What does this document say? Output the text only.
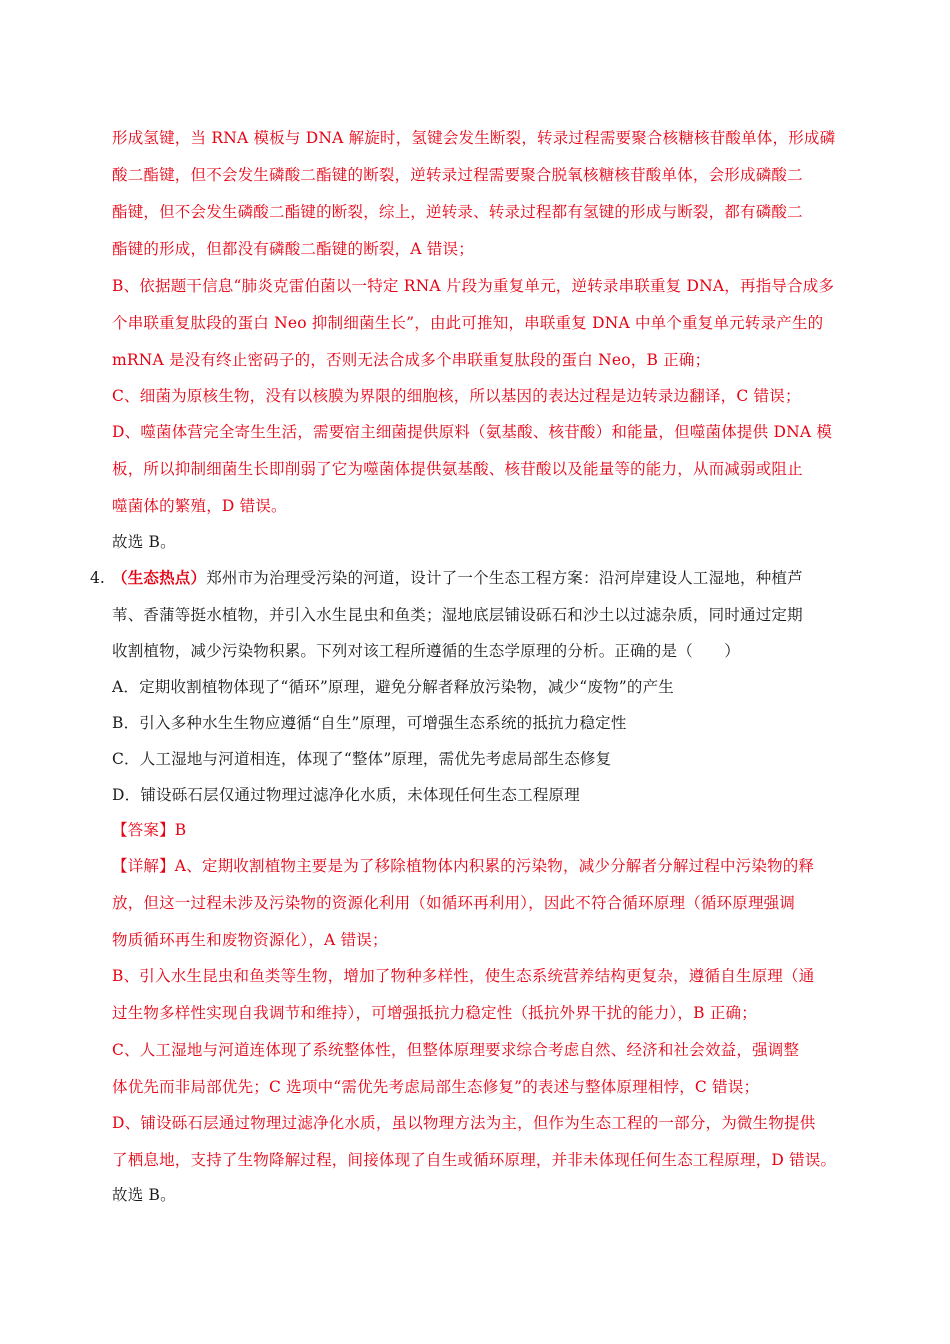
形成氢键，当 RNA 模板与 DNA 解旋时，氢键会发生断裂，转录过程需要聚合核糖核苷酸单体，形成磷
酸二酯键，但不会发生磷酸二酯键的断裂，逆转录过程需要聚合脱氧核糖核苷酸单体，会形成磷酸二
酯键，但不会发生磷酸二酯键的断裂，综上，逆转录、转录过程都有氢键的形成与断裂，都有磷酸二
酯键的形成，但都没有磷酸二酯键的断裂，A 错误；
B、依据题干信息“肺炎克雷伯菌以一特定 RNA 片段为重复单元，逆转录串联重复 DNA，再指导合成多
个串联重复肽段的蛋白 Neo 抑制细菌生长”，由此可推知，串联重复 DNA 中单个重复单元转录产生的
mRNA 是没有终止密码子的，否则无法合成多个串联重复肽段的蛋白 Neo，B 正确；
C、细菌为原核生物，没有以核膜为界限的细胞核，所以基因的表达过程是边转录边翻译，C 错误；
D、噬菌体营完全寄生生活，需要宿主细菌提供原料（氨基酸、核苷酸）和能量，但噬菌体提供 DNA 模
板，所以抑制细菌生长即削弱了它为噬菌体提供氨基酸、核苷酸以及能量等的能力，从而减弱或阻止
噬菌体的繁殖，D 错误。
故选 B。
4. （生态热点）郑州市为治理受污染的河道，设计了一个生态工程方案：沿河岸建设人工湿地，种植芦
苇、香蒲等挺水植物，并引入水生昆虫和鱼类；湿地底层铺设砾石和沙土以过滤杂质，同时通过定期
收割植物，减少污染物积累。下列对该工程所遵循的生态学原理的分析。正确的是（　　）
A．定期收割植物体现了“循环”原理，避免分解者释放污染物，减少“废物”的产生
B．引入多种水生生物应遵循“自生”原理，可增强生态系统的抵抗力稳定性
C．人工湿地与河道相连，体现了“整体”原理，需优先考虑局部生态修复
D．铺设砾石层仅通过物理过滤净化水质，未体现任何生态工程原理
【答案】B
【详解】A、定期收割植物主要是为了移除植物体内积累的污染物，减少分解者分解过程中污染物的释
放，但这一过程未涉及污染物的资源化利用（如循环再利用），因此不符合循环原理（循环原理强调
物质循环再生和废物资源化），A 错误；
B、引入水生昆虫和鱼类等生物，增加了物种多样性，使生态系统营养结构更复杂，遵循自生原理（通
过生物多样性实现自我调节和维持），可增强抵抗力稳定性（抵抗外界干扰的能力），B 正确；
C、人工湿地与河道连体现了系统整体性，但整体原理要求综合考虑自然、经济和社会效益，强调整
体优先而非局部优先；C 选项中“需优先考虑局部生态修复”的表述与整体原理相悖，C 错误；
D、铺设砾石层通过物理过滤净化水质，虽以物理方法为主，但作为生态工程的一部分，为微生物提供
了栖息地，支持了生物降解过程，间接体现了自生或循环原理，并非未体现任何生态工程原理，D 错误。
故选 B。
